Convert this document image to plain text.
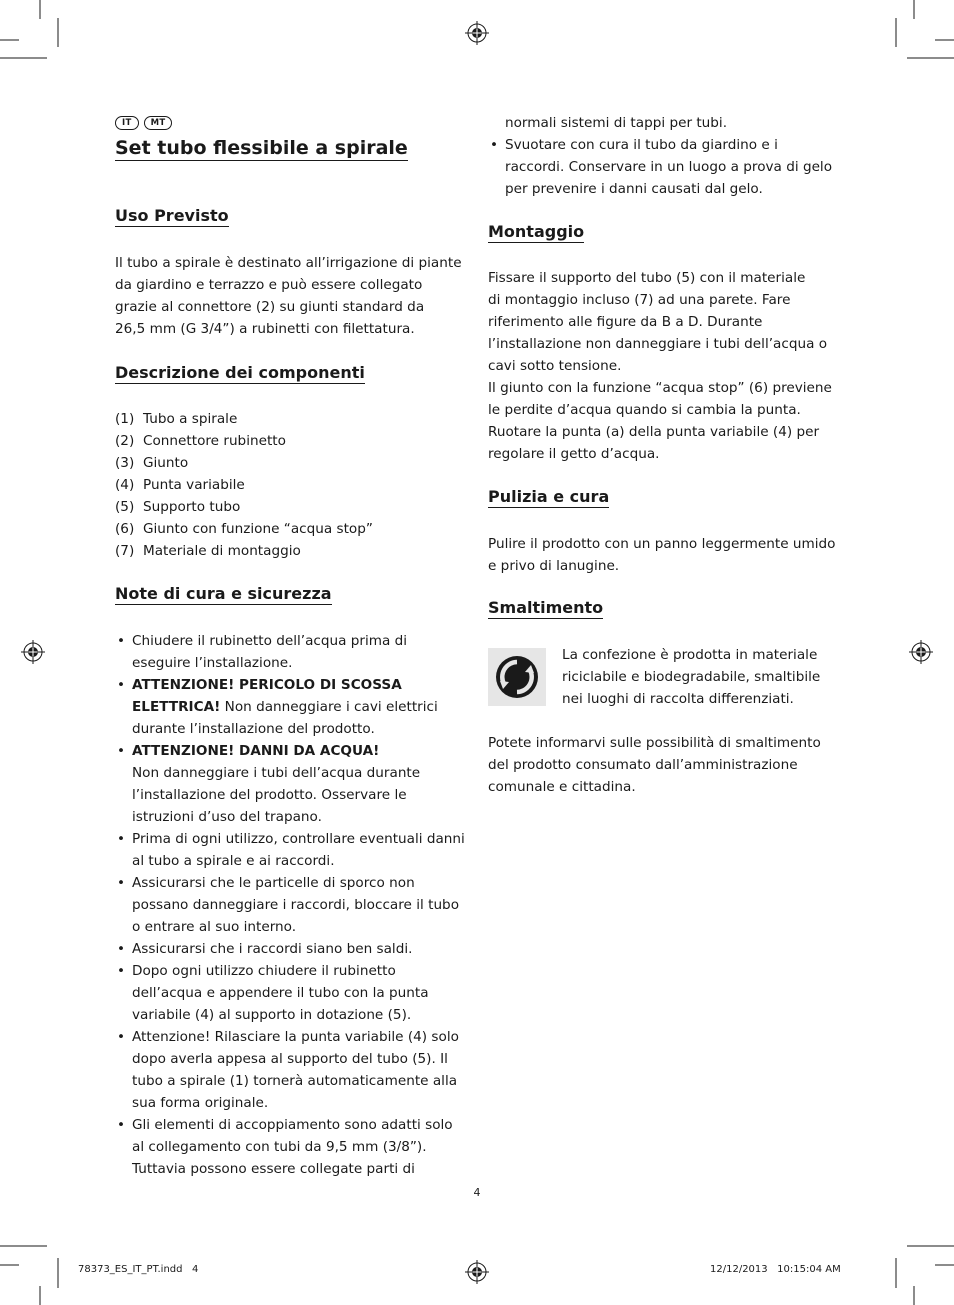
IT	MT
Set tubo flessibile a spirale
Uso Previsto
Il tubo a spirale è destinato all’irrigazione di piante
da giardino e terrazzo e può essere collegato
grazie al connettore (2) su giunti standard da
26,5 mm (G 3/4”) a rubinetti con filettatura.
Descrizione dei componenti
(1) Tubo a spirale
(2) Connettore rubinetto
(3) Giunto
(4) Punta variabile
(5) Supporto tubo
(6) Giunto con funzione “acqua stop”
(7) Materiale di montaggio
Note di cura e sicurezza
• Chiudere il rubinetto dell’acqua prima di
eseguire l’installazione.
• ATTENZIONE! PERICOLO DI SCOSSA
ELETTRICA! Non danneggiare i cavi elettrici
durante l’installazione del prodotto.
• ATTENZIONE! DANNI DA ACQUA!
Non danneggiare i tubi dell’acqua durante
l’installazione del prodotto. Osservare le
istruzioni d’uso del trapano.
• Prima di ogni utilizzo, controllare eventuali danni
al tubo a spirale e ai raccordi.
• Assicurarsi che le particelle di sporco non
possano danneggiare i raccordi, bloccare il tubo
o entrare al suo interno.
• Assicurarsi che i raccordi siano ben saldi.
• Dopo ogni utilizzo chiudere il rubinetto
dell’acqua e appendere il tubo con la punta
variabile (4) al supporto in dotazione (5).
• Attenzione! Rilasciare la punta variabile (4) solo
dopo averla appesa al supporto del tubo (5). Il
tubo a spirale (1) tornerà automaticamente alla
sua forma originale.
• Gli elementi di accoppiamento sono adatti solo
al collegamento con tubi da 9,5 mm (3/8”).
Tuttavia possono essere collegate parti di
normali sistemi di tappi per tubi.
• Svuotare con cura il tubo da giardino e i
raccordi. Conservare in un luogo a prova di gelo
per prevenire i danni causati dal gelo.
Montaggio
Fissare il supporto del tubo (5) con il materiale
di montaggio incluso (7) ad una parete. Fare
riferimento alle figure da B a D. Durante
l’installazione non danneggiare i tubi dell’acqua o
cavi sotto tensione.
Il giunto con la funzione “acqua stop” (6) previene
le perdite d’acqua quando si cambia la punta.
Ruotare la punta (a) della punta variabile (4) per
regolare il getto d’acqua.
Pulizia e cura
Pulire il prodotto con un panno leggermente umido
e privo di lanugine.
Smaltimento
La confezione è prodotta in materiale
riciclabile e biodegradabile, smaltibile
nei luoghi di raccolta differenziati.
Potete informarvi sulle possibilità di smaltimento
del prodotto consumato dall’amministrazione
comunale e cittadina.
4
78373_ES_IT_PT.indd   4	12/12/2013   10:15:04 AM
